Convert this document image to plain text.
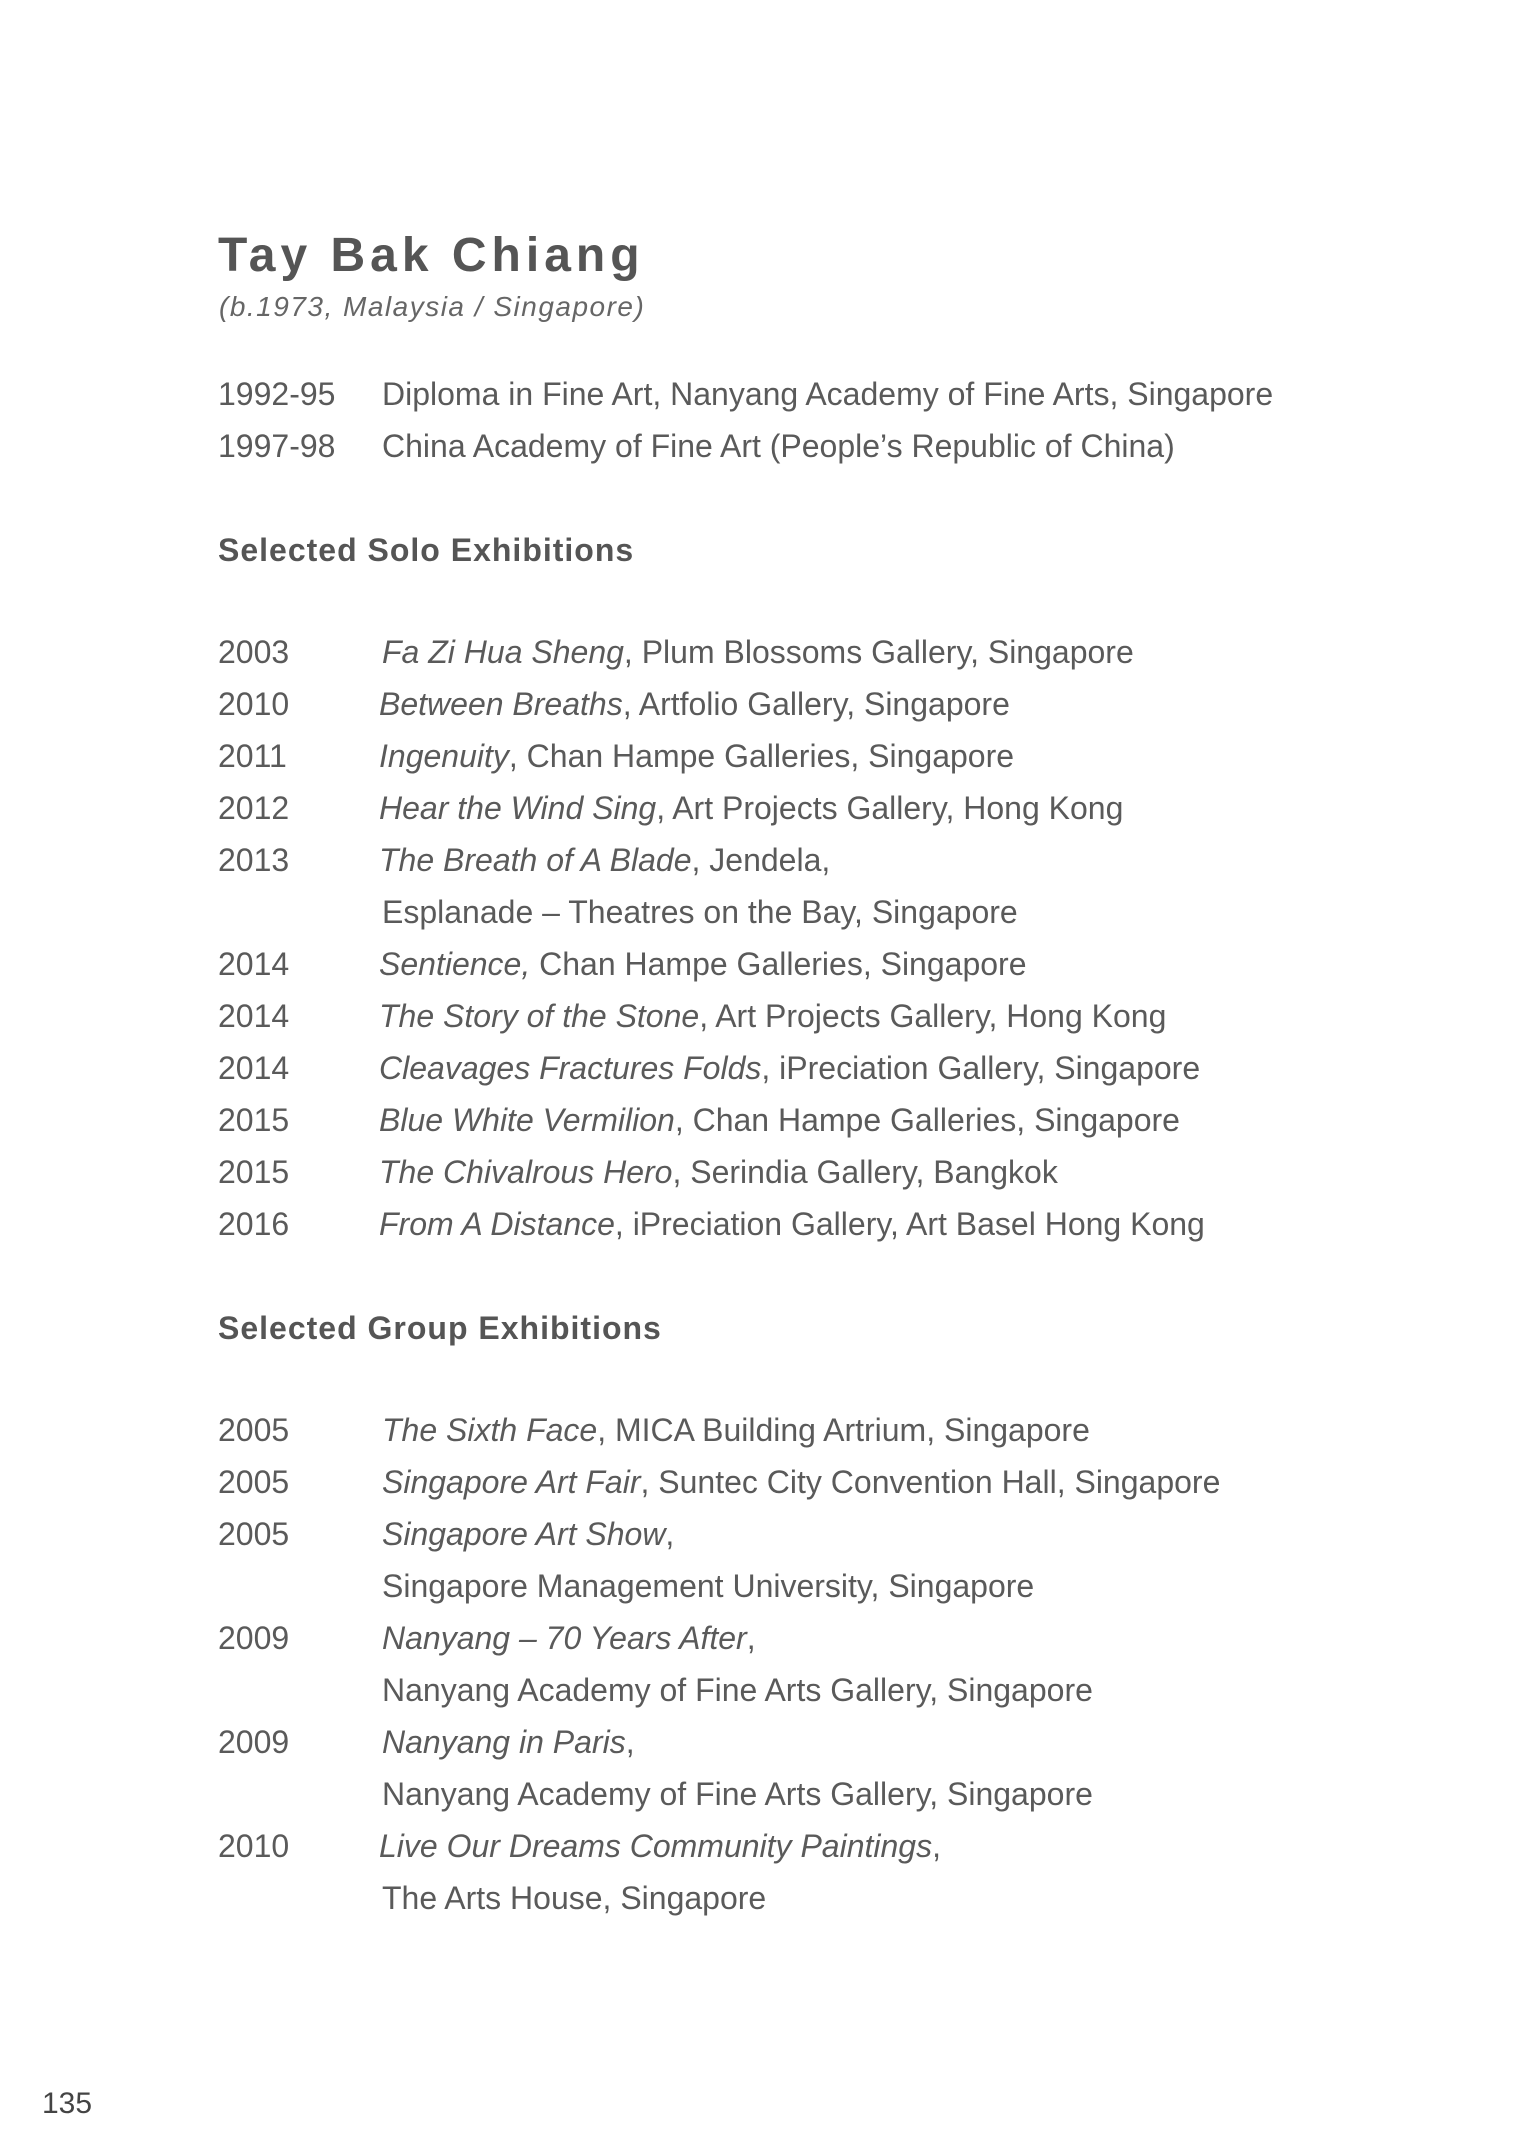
Tay Bak Chiang
(b.1973, Malaysia / Singapore)
1992-95 Diploma in Fine Art, Nanyang Academy of Fine Arts, Singapore
1997-98 China Academy of Fine Art (People’s Republic of China)
Selected Solo Exhibitions
2003	Fa Zi Hua Sheng, Plum Blossoms Gallery, Singapore
2010	Between Breaths, Artfolio Gallery, Singapore
2011	Ingenuity, Chan Hampe Galleries, Singapore
2012	Hear the Wind Sing, Art Projects Gallery, Hong Kong
2013	The Breath of A Blade, Jendela,
Esplanade – Theatres on the Bay, Singapore
2014	Sentience, Chan Hampe Galleries, Singapore
2014	The Story of the Stone, Art Projects Gallery, Hong Kong
2014	Cleavages Fractures Folds, iPreciation Gallery, Singapore
2015	Blue White Vermilion, Chan Hampe Galleries, Singapore
2015	The Chivalrous Hero, Serindia Gallery, Bangkok
2016	From A Distance, iPreciation Gallery, Art Basel Hong Kong
Selected Group Exhibitions
2005	The Sixth Face, MICA Building Artrium, Singapore
2005	Singapore Art Fair, Suntec City Convention Hall, Singapore
2005	Singapore Art Show,
Singapore Management University, Singapore
2009	Nanyang – 70 Years After,
Nanyang Academy of Fine Arts Gallery, Singapore
2009	Nanyang in Paris,
Nanyang Academy of Fine Arts Gallery, Singapore
2010	Live Our Dreams Community Paintings,
The Arts House, Singapore
135
